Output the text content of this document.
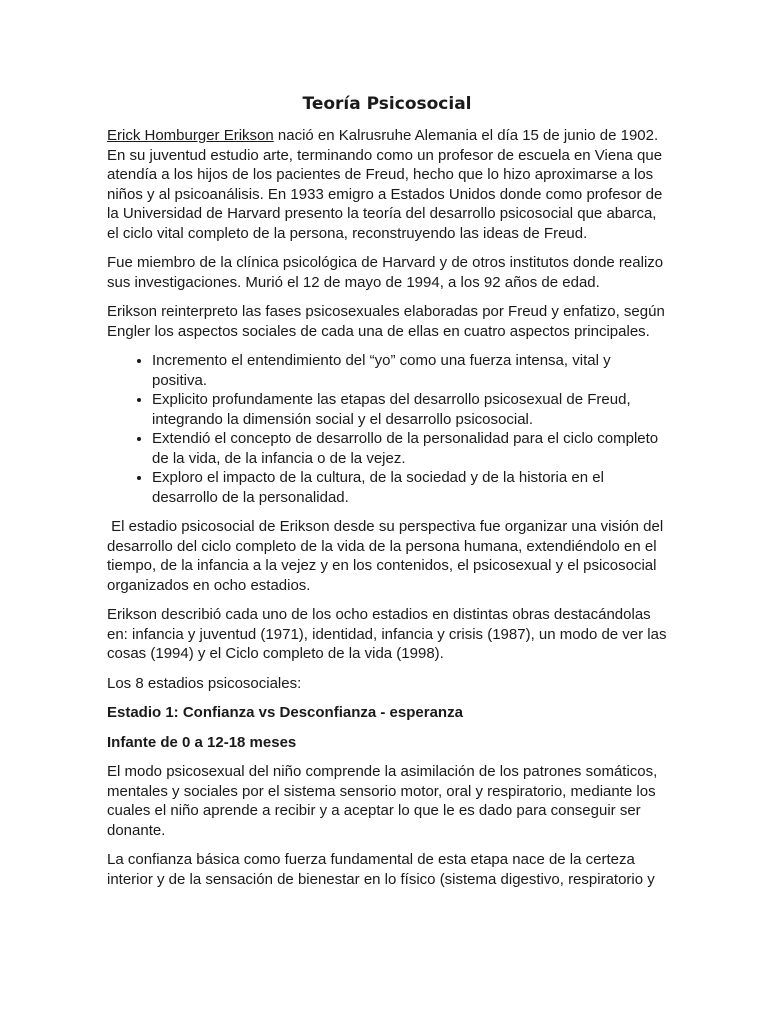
Teoría Psicosocial

Erick Homburger Erikson nació en Kalrusruhe Alemania el día 15 de junio de 1902. En su juventud estudio arte, terminando como un profesor de escuela en Viena que atendía a los hijos de los pacientes de Freud, hecho que lo hizo aproximarse a los niños y al psicoanálisis. En 1933 emigro a Estados Unidos donde como profesor de la Universidad de Harvard presento la teoría del desarrollo psicosocial que abarca, el ciclo vital completo de la persona, reconstruyendo las ideas de Freud.

Fue miembro de la clínica psicológica de Harvard y de otros institutos donde realizo sus investigaciones. Murió el 12 de mayo de 1994, a los 92 años de edad.

Erikson reinterpreto las fases psicosexuales elaboradas por Freud y enfatizo, según Engler los aspectos sociales de cada una de ellas en cuatro aspectos principales.

• Incremento el entendimiento del “yo” como una fuerza intensa, vital y positiva.
• Explicito profundamente las etapas del desarrollo psicosexual de Freud, integrando la dimensión social y el desarrollo psicosocial.
• Extendió el concepto de desarrollo de la personalidad para el ciclo completo de la vida, de la infancia o de la vejez.
• Exploro el impacto de la cultura, de la sociedad y de la historia en el desarrollo de la personalidad.

El estadio psicosocial de Erikson desde su perspectiva fue organizar una visión del desarrollo del ciclo completo de la vida de la persona humana, extendiéndolo en el tiempo, de la infancia a la vejez y en los contenidos, el psicosexual y el psicosocial organizados en ocho estadios.

Erikson describió cada uno de los ocho estadios en distintas obras destacándolas en: infancia y juventud (1971), identidad, infancia y crisis (1987), un modo de ver las cosas (1994) y el Ciclo completo de la vida (1998).

Los 8 estadios psicosociales:

Estadio 1: Confianza vs Desconfianza - esperanza

Infante de 0 a 12-18 meses

El modo psicosexual del niño comprende la asimilación de los patrones somáticos, mentales y sociales por el sistema sensorio motor, oral y respiratorio, mediante los cuales el niño aprende a recibir y a aceptar lo que le es dado para conseguir ser donante.

La confianza básica como fuerza fundamental de esta etapa nace de la certeza interior y de la sensación de bienestar en lo físico (sistema digestivo, respiratorio y
